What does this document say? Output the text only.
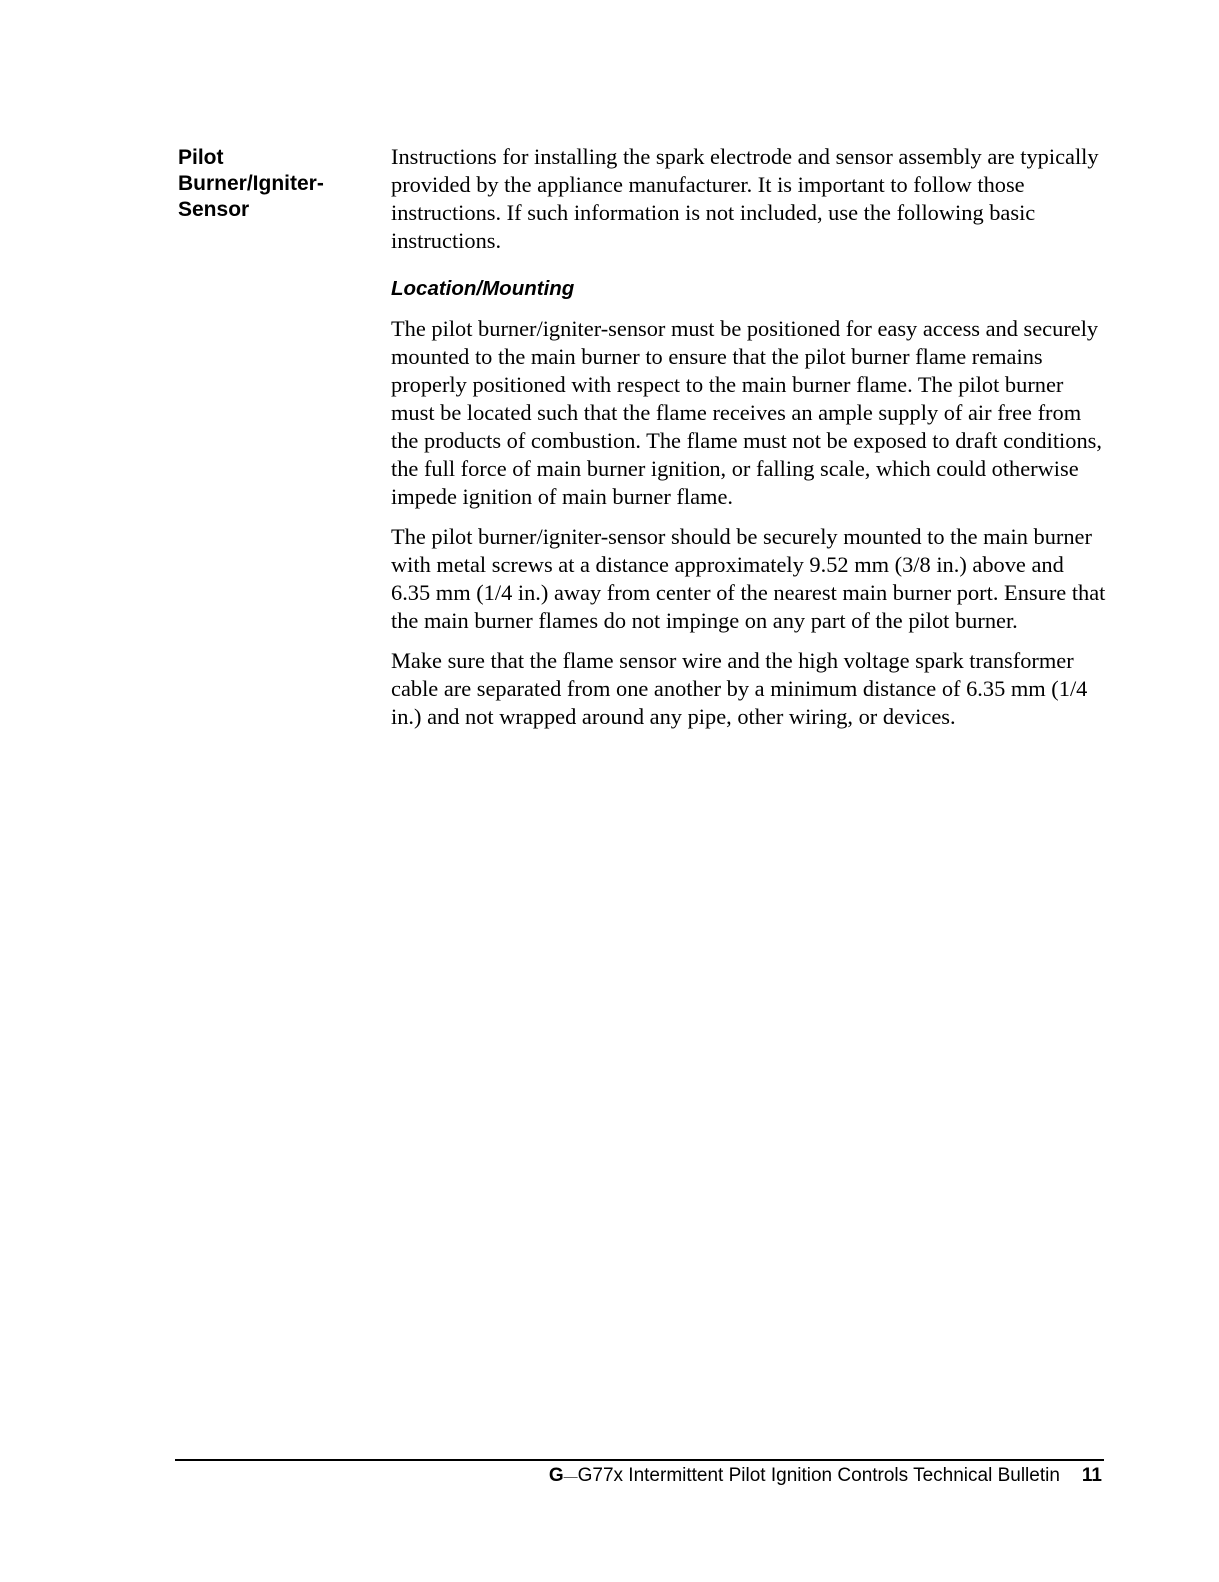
Pilot
Burner/Igniter-
Sensor

Instructions for installing the spark electrode and sensor assembly are typically provided by the appliance manufacturer. It is important to follow those instructions. If such information is not included, use the following basic instructions.

Location/Mounting

The pilot burner/igniter-sensor must be positioned for easy access and securely mounted to the main burner to ensure that the pilot burner flame remains properly positioned with respect to the main burner flame. The pilot burner must be located such that the flame receives an ample supply of air free from the products of combustion. The flame must not be exposed to draft conditions, the full force of main burner ignition, or falling scale, which could otherwise impede ignition of main burner flame.

The pilot burner/igniter-sensor should be securely mounted to the main burner with metal screws at a distance approximately 9.52 mm (3/8 in.) above and 6.35 mm (1/4 in.) away from center of the nearest main burner port. Ensure that the main burner flames do not impinge on any part of the pilot burner.

Make sure that the flame sensor wire and the high voltage spark transformer cable are separated from one another by a minimum distance of 6.35 mm (1/4 in.) and not wrapped around any pipe, other wiring, or devices.

G—G77x Intermittent Pilot Ignition Controls Technical Bulletin 11
